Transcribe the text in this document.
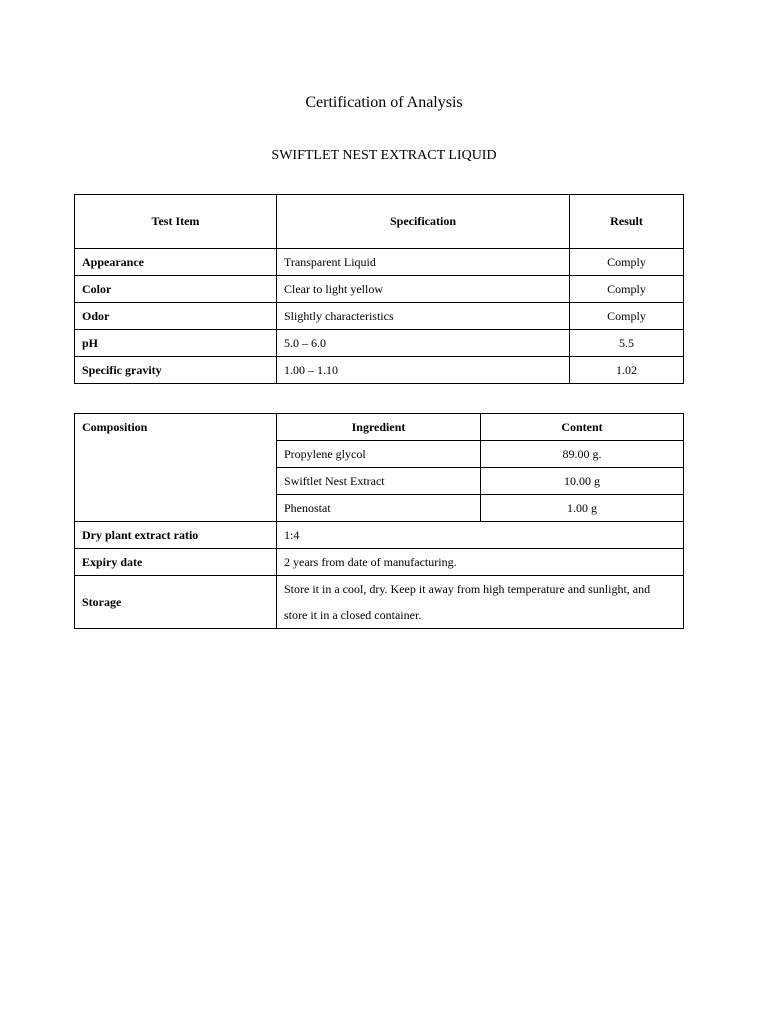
Certification of Analysis
SWIFTLET NEST EXTRACT LIQUID
Test Item	Specification	Result
Appearance	Transparent Liquid	Comply
Color	Clear to light yellow	Comply
Odor	Slightly characteristics	Comply
pH	5.0 – 6.0	5.5
Specific gravity	1.00 – 1.10	1.02
Composition	Ingredient	Content
	Propylene glycol	89.00 g.
	Swiftlet Nest Extract	10.00 g
	Phenostat	1.00 g
Dry plant extract ratio	1:4	
Expiry date	2 years from date of manufacturing.	
Storage	Store it in a cool, dry. Keep it away from high temperature and sunlight, and store it in a closed container.	
